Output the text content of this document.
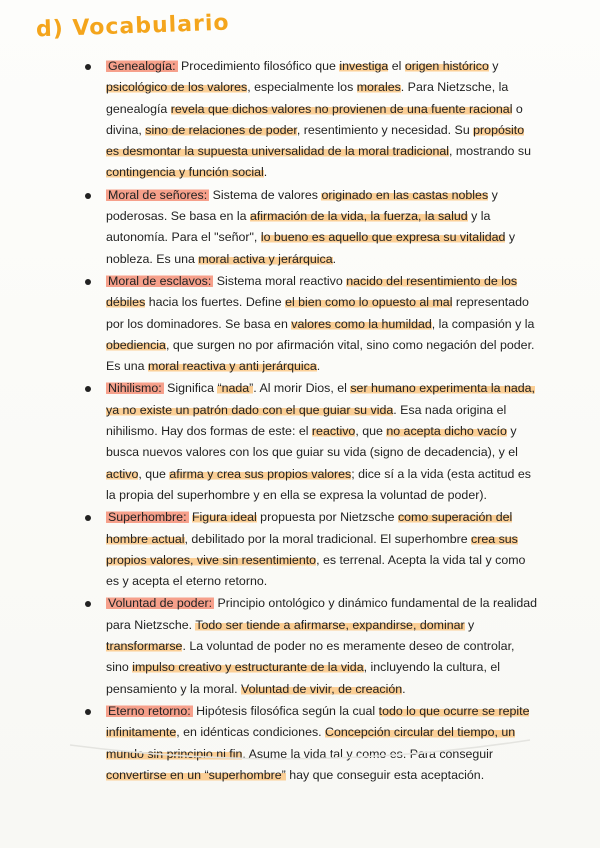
d) Vocabulario
Genealogía: Procedimiento filosófico que investiga el origen histórico y psicológico de los valores, especialmente los morales. Para Nietzsche, la genealogía revela que dichos valores no provienen de una fuente racional o divina, sino de relaciones de poder, resentimiento y necesidad. Su propósito es desmontar la supuesta universalidad de la moral tradicional, mostrando su contingencia y función social.
Moral de señores: Sistema de valores originado en las castas nobles y poderosas. Se basa en la afirmación de la vida, la fuerza, la salud y la autonomía. Para el "señor", lo bueno es aquello que expresa su vitalidad y nobleza. Es una moral activa y jerárquica.
Moral de esclavos: Sistema moral reactivo nacido del resentimiento de los débiles hacia los fuertes. Define el bien como lo opuesto al mal representado por los dominadores. Se basa en valores como la humildad, la compasión y la obediencia, que surgen no por afirmación vital, sino como negación del poder. Es una moral reactiva y anti jerárquica.
Nihilismo: Significa “nada”. Al morir Dios, el ser humano experimenta la nada, ya no existe un patrón dado con el que guiar su vida. Esa nada origina el nihilismo. Hay dos formas de este: el reactivo, que no acepta dicho vacío y busca nuevos valores con los que guiar su vida (signo de decadencia), y el activo, que afirma y crea sus propios valores; dice sí a la vida (esta actitud es la propia del superhombre y en ella se expresa la voluntad de poder).
Superhombre: Figura ideal propuesta por Nietzsche como superación del hombre actual, debilitado por la moral tradicional. El superhombre crea sus propios valores, vive sin resentimiento, es terrenal. Acepta la vida tal y como es y acepta el eterno retorno.
Voluntad de poder: Principio ontológico y dinámico fundamental de la realidad para Nietzsche. Todo ser tiende a afirmarse, expandirse, dominar y transformarse. La voluntad de poder no es meramente deseo de controlar, sino impulso creativo y estructurante de la vida, incluyendo la cultura, el pensamiento y la moral. Voluntad de vivir, de creación.
Eterno retorno: Hipótesis filosófica según la cual todo lo que ocurre se repite infinitamente, en idénticas condiciones. Concepción circular del tiempo, un mundo sin principio ni fin. Asume la vida tal y como es. Para conseguir convertirse en un “superhombre” hay que conseguir esta aceptación.
